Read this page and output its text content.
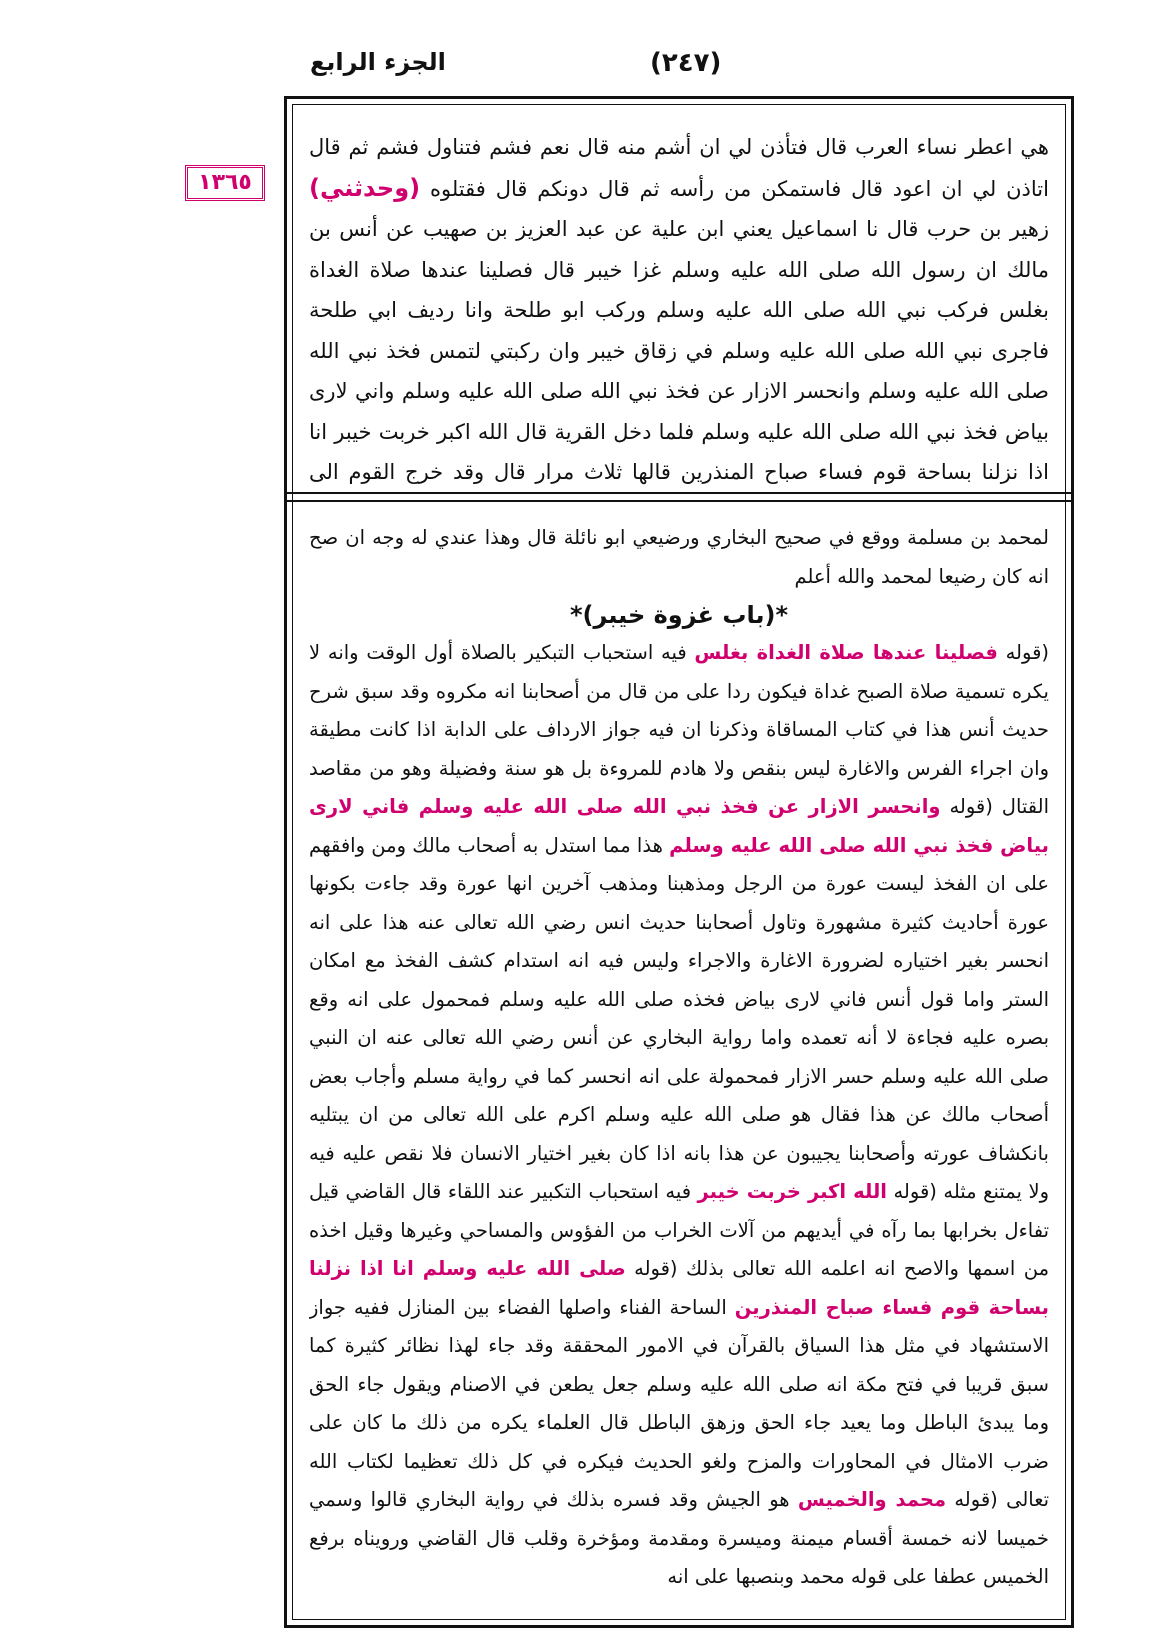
الجزء الرابع	(٢٤٧)
١٣٦٥

هي اعطر نساء العرب قال فتأذن لي ان أشم منه قال نعم فشم فتناول فشم ثم قال اتاذن لي ان اعود قال فاستمكن من رأسه ثم قال دونكم قال فقتلوه (وحدثني) زهير بن حرب قال نا اسماعيل يعني ابن علية عن عبد العزيز بن صهيب عن أنس بن مالك ان رسول الله صلى الله عليه وسلم غزا خيبر قال فصلينا عندها صلاة الغداة بغلس فركب نبي الله صلى الله عليه وسلم وركب ابو طلحة وانا رديف ابي طلحة فاجرى نبي الله صلى الله عليه وسلم في زقاق خيبر وان ركبتي لتمس فخذ نبي الله صلى الله عليه وسلم وانحسر الازار عن فخذ نبي الله صلى الله عليه وسلم واني لارى بياض فخذ نبي الله صلى الله عليه وسلم فلما دخل القرية قال الله اكبر خربت خيبر انا اذا نزلنا بساحة قوم فساء صباح المنذرين قالها ثلاث مرار قال وقد خرج القوم الى

لمحمد بن مسلمة ووقع في صحيح البخاري ورضيعي ابو نائلة قال وهذا عندي له وجه ان صح انه كان رضيعا لمحمد والله أعلم

*(باب غزوة خيبر)*

(قوله فصلينا عندها صلاة الغداة بغلس فيه استحباب التبكير بالصلاة أول الوقت وانه لا يكره تسمية صلاة الصبح غداة فيكون ردا على من قال من أصحابنا انه مكروه وقد سبق شرح حديث أنس هذا في كتاب المساقاة وذكرنا ان فيه جواز الارداف على الدابة اذا كانت مطيقة وان اجراء الفرس والاغارة ليس بنقص ولا هادم للمروءة بل هو سنة وفضيلة وهو من مقاصد القتال (قوله وانحسر الازار عن فخذ نبي الله صلى الله عليه وسلم فاني لارى بياض فخذ نبي الله صلى الله عليه وسلم هذا مما استدل به أصحاب مالك ومن وافقهم على ان الفخذ ليست عورة من الرجل ومذهبنا ومذهب آخرين انها عورة وقد جاءت بكونها عورة أحاديث كثيرة مشهورة وتاول أصحابنا حديث انس رضي الله تعالى عنه هذا على انه انحسر بغير اختياره لضرورة الاغارة والاجراء وليس فيه انه استدام كشف الفخذ مع امكان الستر واما قول أنس فاني لارى بياض فخذه صلى الله عليه وسلم فمحمول على انه وقع بصره عليه فجاءة لا أنه تعمده واما رواية البخاري عن أنس رضي الله تعالى عنه ان النبي صلى الله عليه وسلم حسر الازار فمحمولة على انه انحسر كما في رواية مسلم وأجاب بعض أصحاب مالك عن هذا فقال هو صلى الله عليه وسلم اكرم على الله تعالى من ان يبتليه بانكشاف عورته وأصحابنا يجيبون عن هذا بانه اذا كان بغير اختيار الانسان فلا نقص عليه فيه ولا يمتنع مثله (قوله الله اكبر خربت خيبر فيه استحباب التكبير عند اللقاء قال القاضي قيل تفاءل بخرابها بما رآه في أيديهم من آلات الخراب من الفؤوس والمساحي وغيرها وقيل اخذه من اسمها والاصح انه اعلمه الله تعالى بذلك (قوله صلى الله عليه وسلم انا اذا نزلنا بساحة قوم فساء صباح المنذرين الساحة الفناء واصلها الفضاء بين المنازل ففيه جواز الاستشهاد في مثل هذا السياق بالقرآن في الامور المحققة وقد جاء لهذا نظائر كثيرة كما سبق قريبا في فتح مكة انه صلى الله عليه وسلم جعل يطعن في الاصنام ويقول جاء الحق وما يبدئ الباطل وما يعيد جاء الحق وزهق الباطل قال العلماء يكره من ذلك ما كان على ضرب الامثال في المحاورات والمزح ولغو الحديث فيكره في كل ذلك تعظيما لكتاب الله تعالى (قوله محمد والخميس هو الجيش وقد فسره بذلك في رواية البخاري قالوا وسمي خميسا لانه خمسة أقسام ميمنة وميسرة ومقدمة ومؤخرة وقلب قال القاضي ورويناه برفع الخميس عطفا على قوله محمد وبنصبها على انه
